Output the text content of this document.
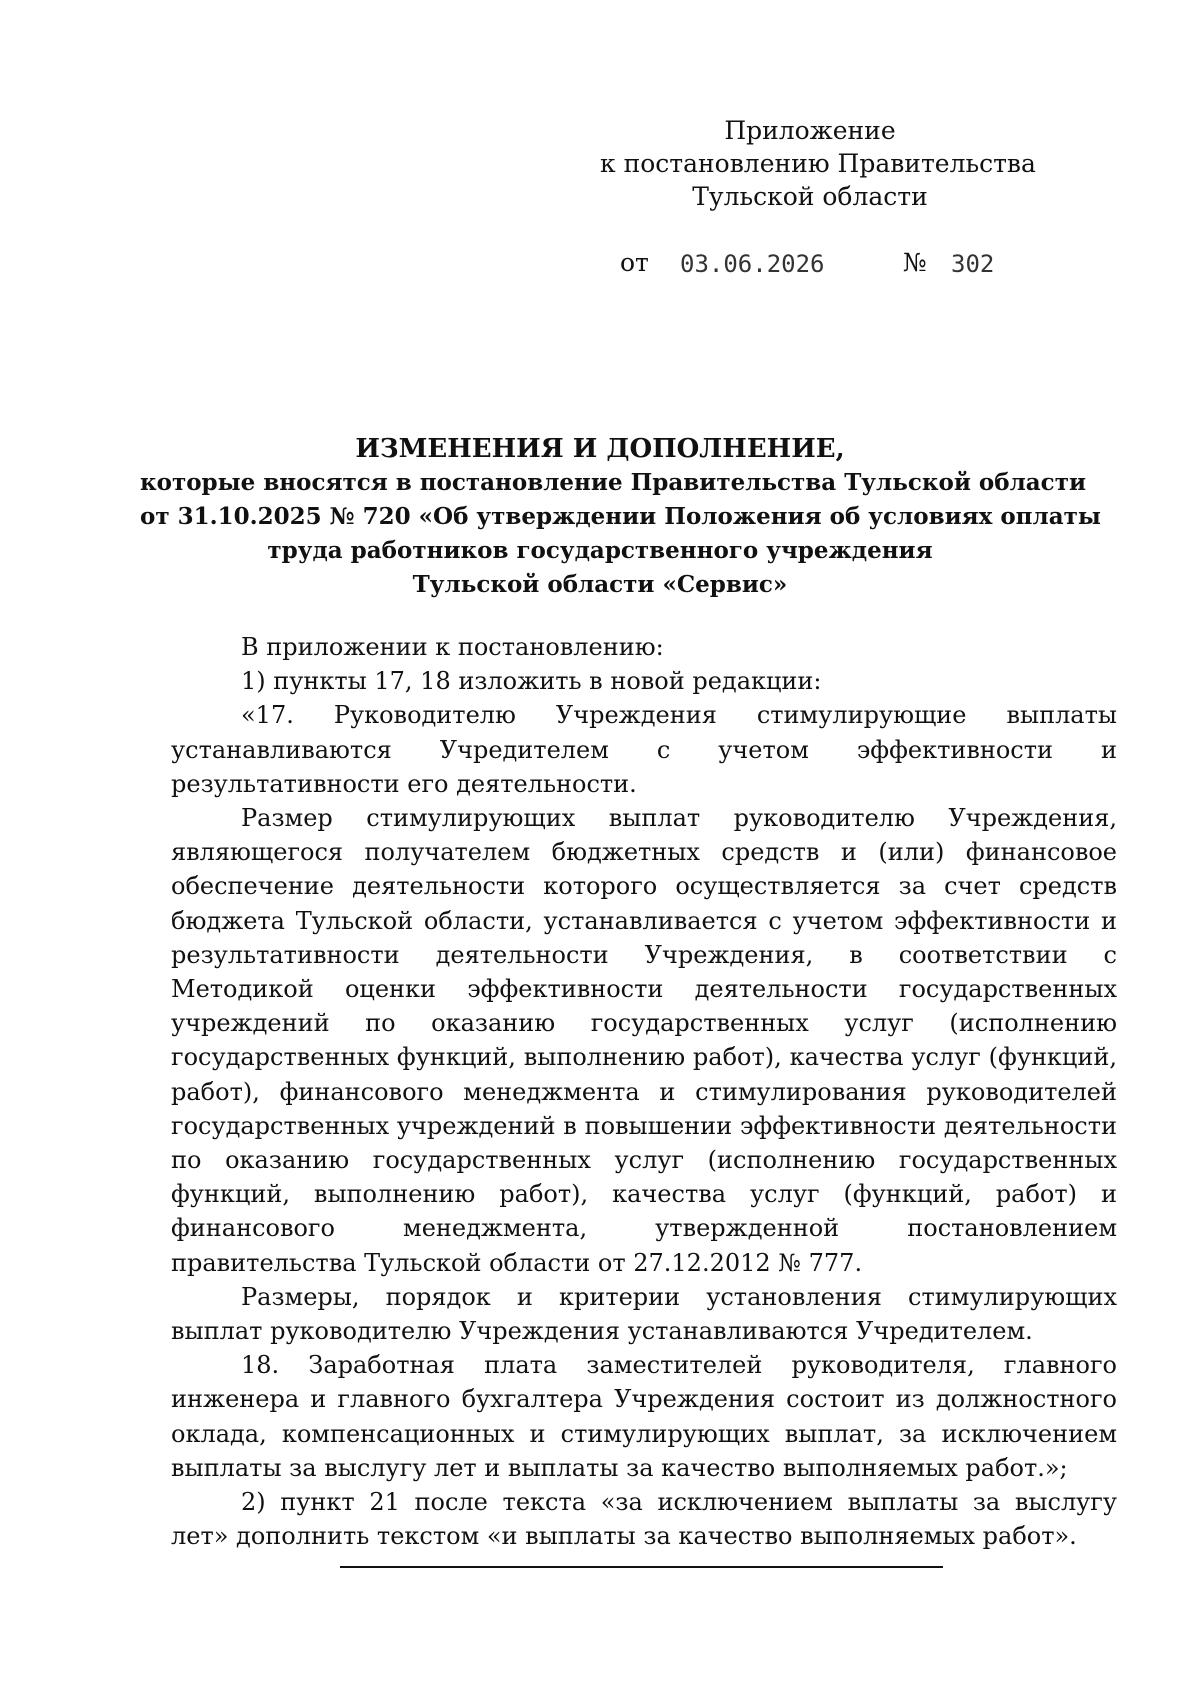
Приложение
к постановлению Правительства
Тульской области
от 03.06.2026	№ 302
ИЗМЕНЕНИЯ И ДОПОЛНЕНИЕ,
которые вносятся в постановление Правительства Тульской области
от 31.10.2025 № 720 «Об утверждении Положения об условиях оплаты
труда работников государственного учреждения
Тульской области «Сервис»

В приложении к постановлению:

1) пункты 17, 18 изложить в новой редакции:

«17. Руководителю Учреждения стимулирующие выплаты устанавливаются Учредителем с учетом эффективности и результативности его деятельности.

Размер стимулирующих выплат руководителю Учреждения, являющегося получателем бюджетных средств и (или) финансовое обеспечение деятельности которого осуществляется за счет средств бюджета Тульской области, устанавливается с учетом эффективности и результативности деятельности Учреждения, в соответствии с Методикой оценки эффективности деятельности государственных учреждений по оказанию государственных услуг (исполнению государственных функций, выполнению работ), качества услуг (функций, работ), финансового менеджмента и стимулирования руководителей государственных учреждений в повышении эффективности деятельности по оказанию государственных услуг (исполнению государственных функций, выполнению работ), качества услуг (функций, работ) и финансового менеджмента, утвержденной постановлением правительства Тульской области от 27.12.2012 № 777.

Размеры, порядок и критерии установления стимулирующих выплат руководителю Учреждения устанавливаются Учредителем.

18. Заработная плата заместителей руководителя, главного инженера и главного бухгалтера Учреждения состоит из должностного оклада, компенсационных и стимулирующих выплат, за исключением выплаты за выслугу лет и выплаты за качество выполняемых работ.»;

2) пункт 21 после текста «за исключением выплаты за выслугу лет» дополнить текстом «и выплаты за качество выполняемых работ».
